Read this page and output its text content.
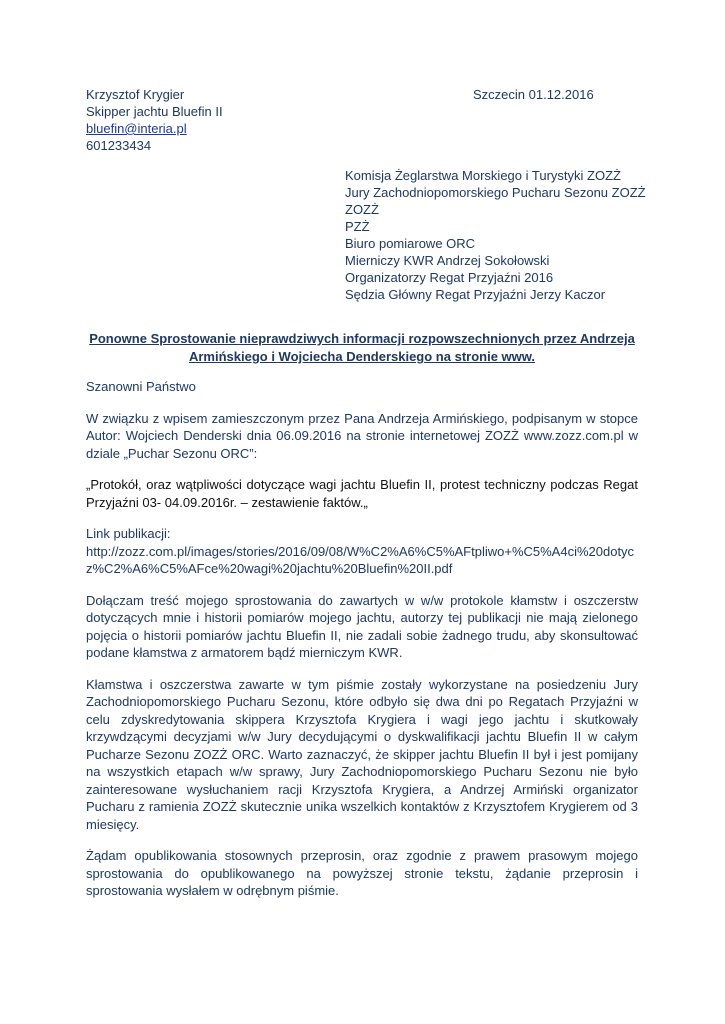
Krzysztof Krygier
Skipper jachtu Bluefin II
bluefin@interia.pl
601233434
Szczecin 01.12.2016
Komisja Żeglarstwa Morskiego i Turystyki ZOZŻ
Jury Zachodniopomorskiego Pucharu Sezonu ZOZŻ
ZOZŻ
PZŻ
Biuro pomiarowe ORC
Mierniczy KWR Andrzej Sokołowski
Organizatorzy Regat Przyjaźni 2016
Sędzia Główny Regat Przyjaźni Jerzy Kaczor
Ponowne Sprostowanie nieprawdziwych informacji rozpowszechnionych przez Andrzeja Armińskiego i Wojciecha Denderskiego na stronie www.

Szanowni Państwo

W związku z wpisem zamieszczonym przez Pana Andrzeja Armińskiego, podpisanym w stopce Autor: Wojciech Denderski dnia 06.09.2016 na stronie internetowej ZOZŻ www.zozz.com.pl w dziale „Puchar Sezonu ORC”:

„Protokół, oraz wątpliwości dotyczące wagi jachtu Bluefin II, protest techniczny podczas Regat Przyjaźni 03- 04.09.2016r. – zestawienie faktów.„

Link publikacji:
http://zozz.com.pl/images/stories/2016/09/08/W%C2%A6%C5%AFtpliwo+%C5%A4ci%20dotycz%C2%A6%C5%AFce%20wagi%20jachtu%20Bluefin%20II.pdf

Dołączam treść mojego sprostowania do zawartych w w/w protokole kłamstw i oszczerstw dotyczących mnie i historii pomiarów mojego jachtu, autorzy tej publikacji nie mają zielonego pojęcia o historii pomiarów jachtu Bluefin II, nie zadali sobie żadnego trudu, aby skonsultować podane kłamstwa z armatorem bądź mierniczym KWR.

Kłamstwa i oszczerstwa zawarte w tym piśmie zostały wykorzystane na posiedzeniu Jury Zachodniopomorskiego Pucharu Sezonu, które odbyło się dwa dni po Regatach Przyjaźni w celu zdyskredytowania skippera Krzysztofa Krygiera i wagi jego jachtu i skutkowały krzywdzącymi decyzjami w/w Jury decydującymi o dyskwalifikacji jachtu Bluefin II w całym Pucharze Sezonu ZOZŻ ORC. Warto zaznaczyć, że skipper jachtu Bluefin II był i jest pomijany na wszystkich etapach w/w sprawy, Jury Zachodniopomorskiego Pucharu Sezonu nie było zainteresowane wysłuchaniem racji Krzysztofa Krygiera, a Andrzej Armiński organizator Pucharu z ramienia ZOZŻ skutecznie unika wszelkich kontaktów z Krzysztofem Krygierem od 3 miesięcy.

Żądam opublikowania stosownych przeprosin, oraz zgodnie z prawem prasowym mojego sprostowania do opublikowanego na powyższej stronie tekstu, żądanie przeprosin i sprostowania wysłałem w odrębnym piśmie.
